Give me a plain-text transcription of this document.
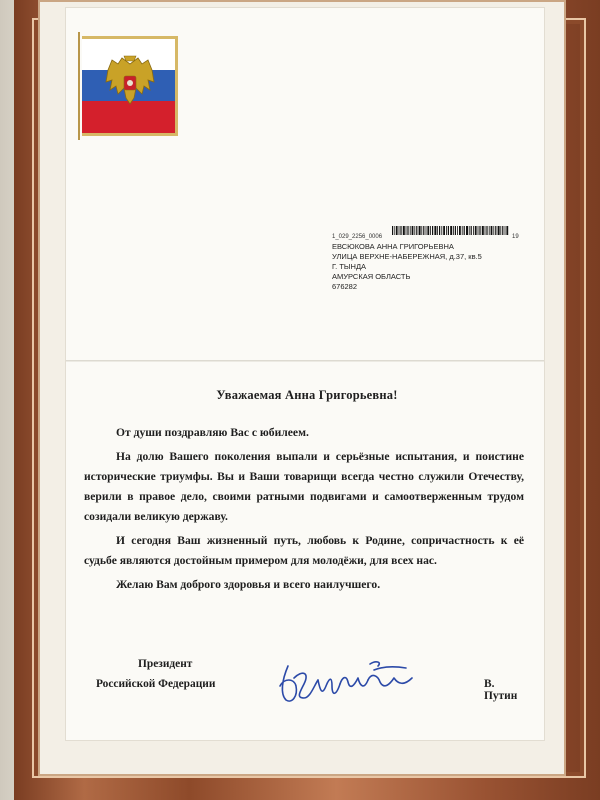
1_029_2256_0006	19
ЕВСЮКОВА АННА ГРИГОРЬЕВНА
УЛИЦА ВЕРХНЕ-НАБЕРЕЖНАЯ, д.37, кв.5
Г. ТЫНДА
АМУРСКАЯ ОБЛАСТЬ
676282

Уважаемая Анна Григорьевна!

От души поздравляю Вас с юбилеем.

На долю Вашего поколения выпали и серьёзные испытания, и поистине исторические триумфы. Вы и Ваши товарищи всегда честно служили Отечеству, верили в правое дело, своими ратными подвигами и самоотверженным трудом созидали великую державу.

И сегодня Ваш жизненный путь, любовь к Родине, сопричастность к её судьбе являются достойным примером для молодёжи, для всех нас.

Желаю Вам доброго здоровья и всего наилучшего.

Президент
Российской Федерации	В. Путин
